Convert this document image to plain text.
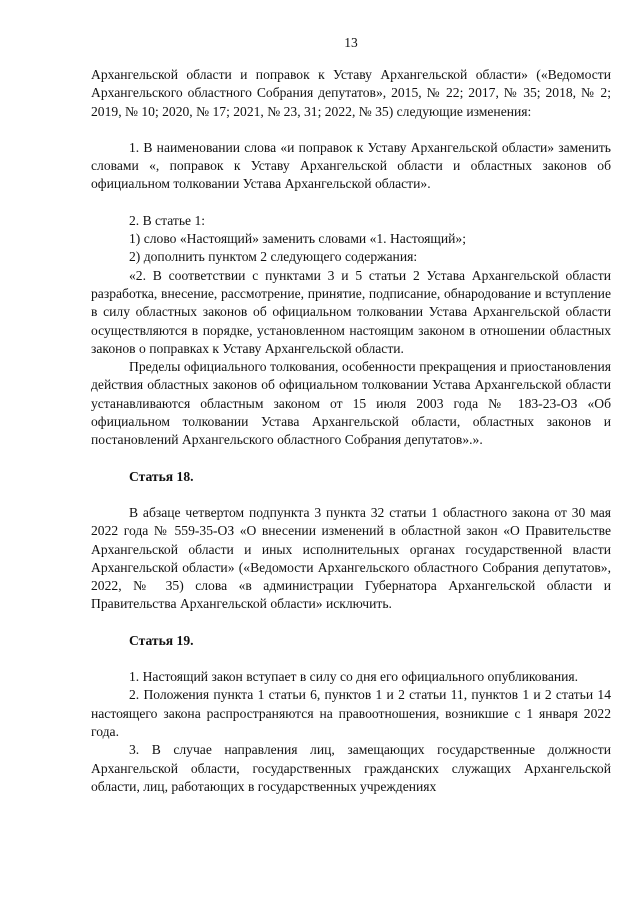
13

Архангельской области и поправок к Уставу Архангельской области» («Ведомости Архангельского областного Собрания депутатов», 2015, № 22; 2017, № 35; 2018, № 2; 2019, № 10; 2020, № 17; 2021, № 23, 31; 2022, № 35) следующие изменения:

1. В наименовании слова «и поправок к Уставу Архангельской области» заменить словами «, поправок к Уставу Архангельской области и областных законов об официальном толковании Устава Архангельской области».

2. В статье 1:

1) слово «Настоящий» заменить словами «1. Настоящий»;

2) дополнить пунктом 2 следующего содержания:

«2. В соответствии с пунктами 3 и 5 статьи 2 Устава Архангельской области разработка, внесение, рассмотрение, принятие, подписание, обнародование и вступление в силу областных законов об официальном толковании Устава Архангельской области осуществляются в порядке, установленном настоящим законом в отношении областных законов о поправках к Уставу Архангельской области.

Пределы официального толкования, особенности прекращения и приостановления действия областных законов об официальном толковании Устава Архангельской области устанавливаются областным законом от 15 июля 2003 года № 183-23-ОЗ «Об официальном толковании Устава Архангельской области, областных законов и постановлений Архангельского областного Собрания депутатов».».

Статья 18.

В абзаце четвертом подпункта 3 пункта 32 статьи 1 областного закона от 30 мая 2022 года № 559-35-ОЗ «О внесении изменений в областной закон «О Правительстве Архангельской области и иных исполнительных органах государственной власти Архангельской области» («Ведомости Архангельского областного Собрания депутатов», 2022, № 35) слова «в администрации Губернатора Архангельской области и Правительства Архангельской области» исключить.

Статья 19.

1. Настоящий закон вступает в силу со дня его официального опубликования.

2. Положения пункта 1 статьи 6, пунктов 1 и 2 статьи 11, пунктов 1 и 2 статьи 14 настоящего закона распространяются на правоотношения, возникшие с 1 января 2022 года.

3. В случае направления лиц, замещающих государственные должности Архангельской области, государственных гражданских служащих Архангельской области, лиц, работающих в государственных учреждениях
